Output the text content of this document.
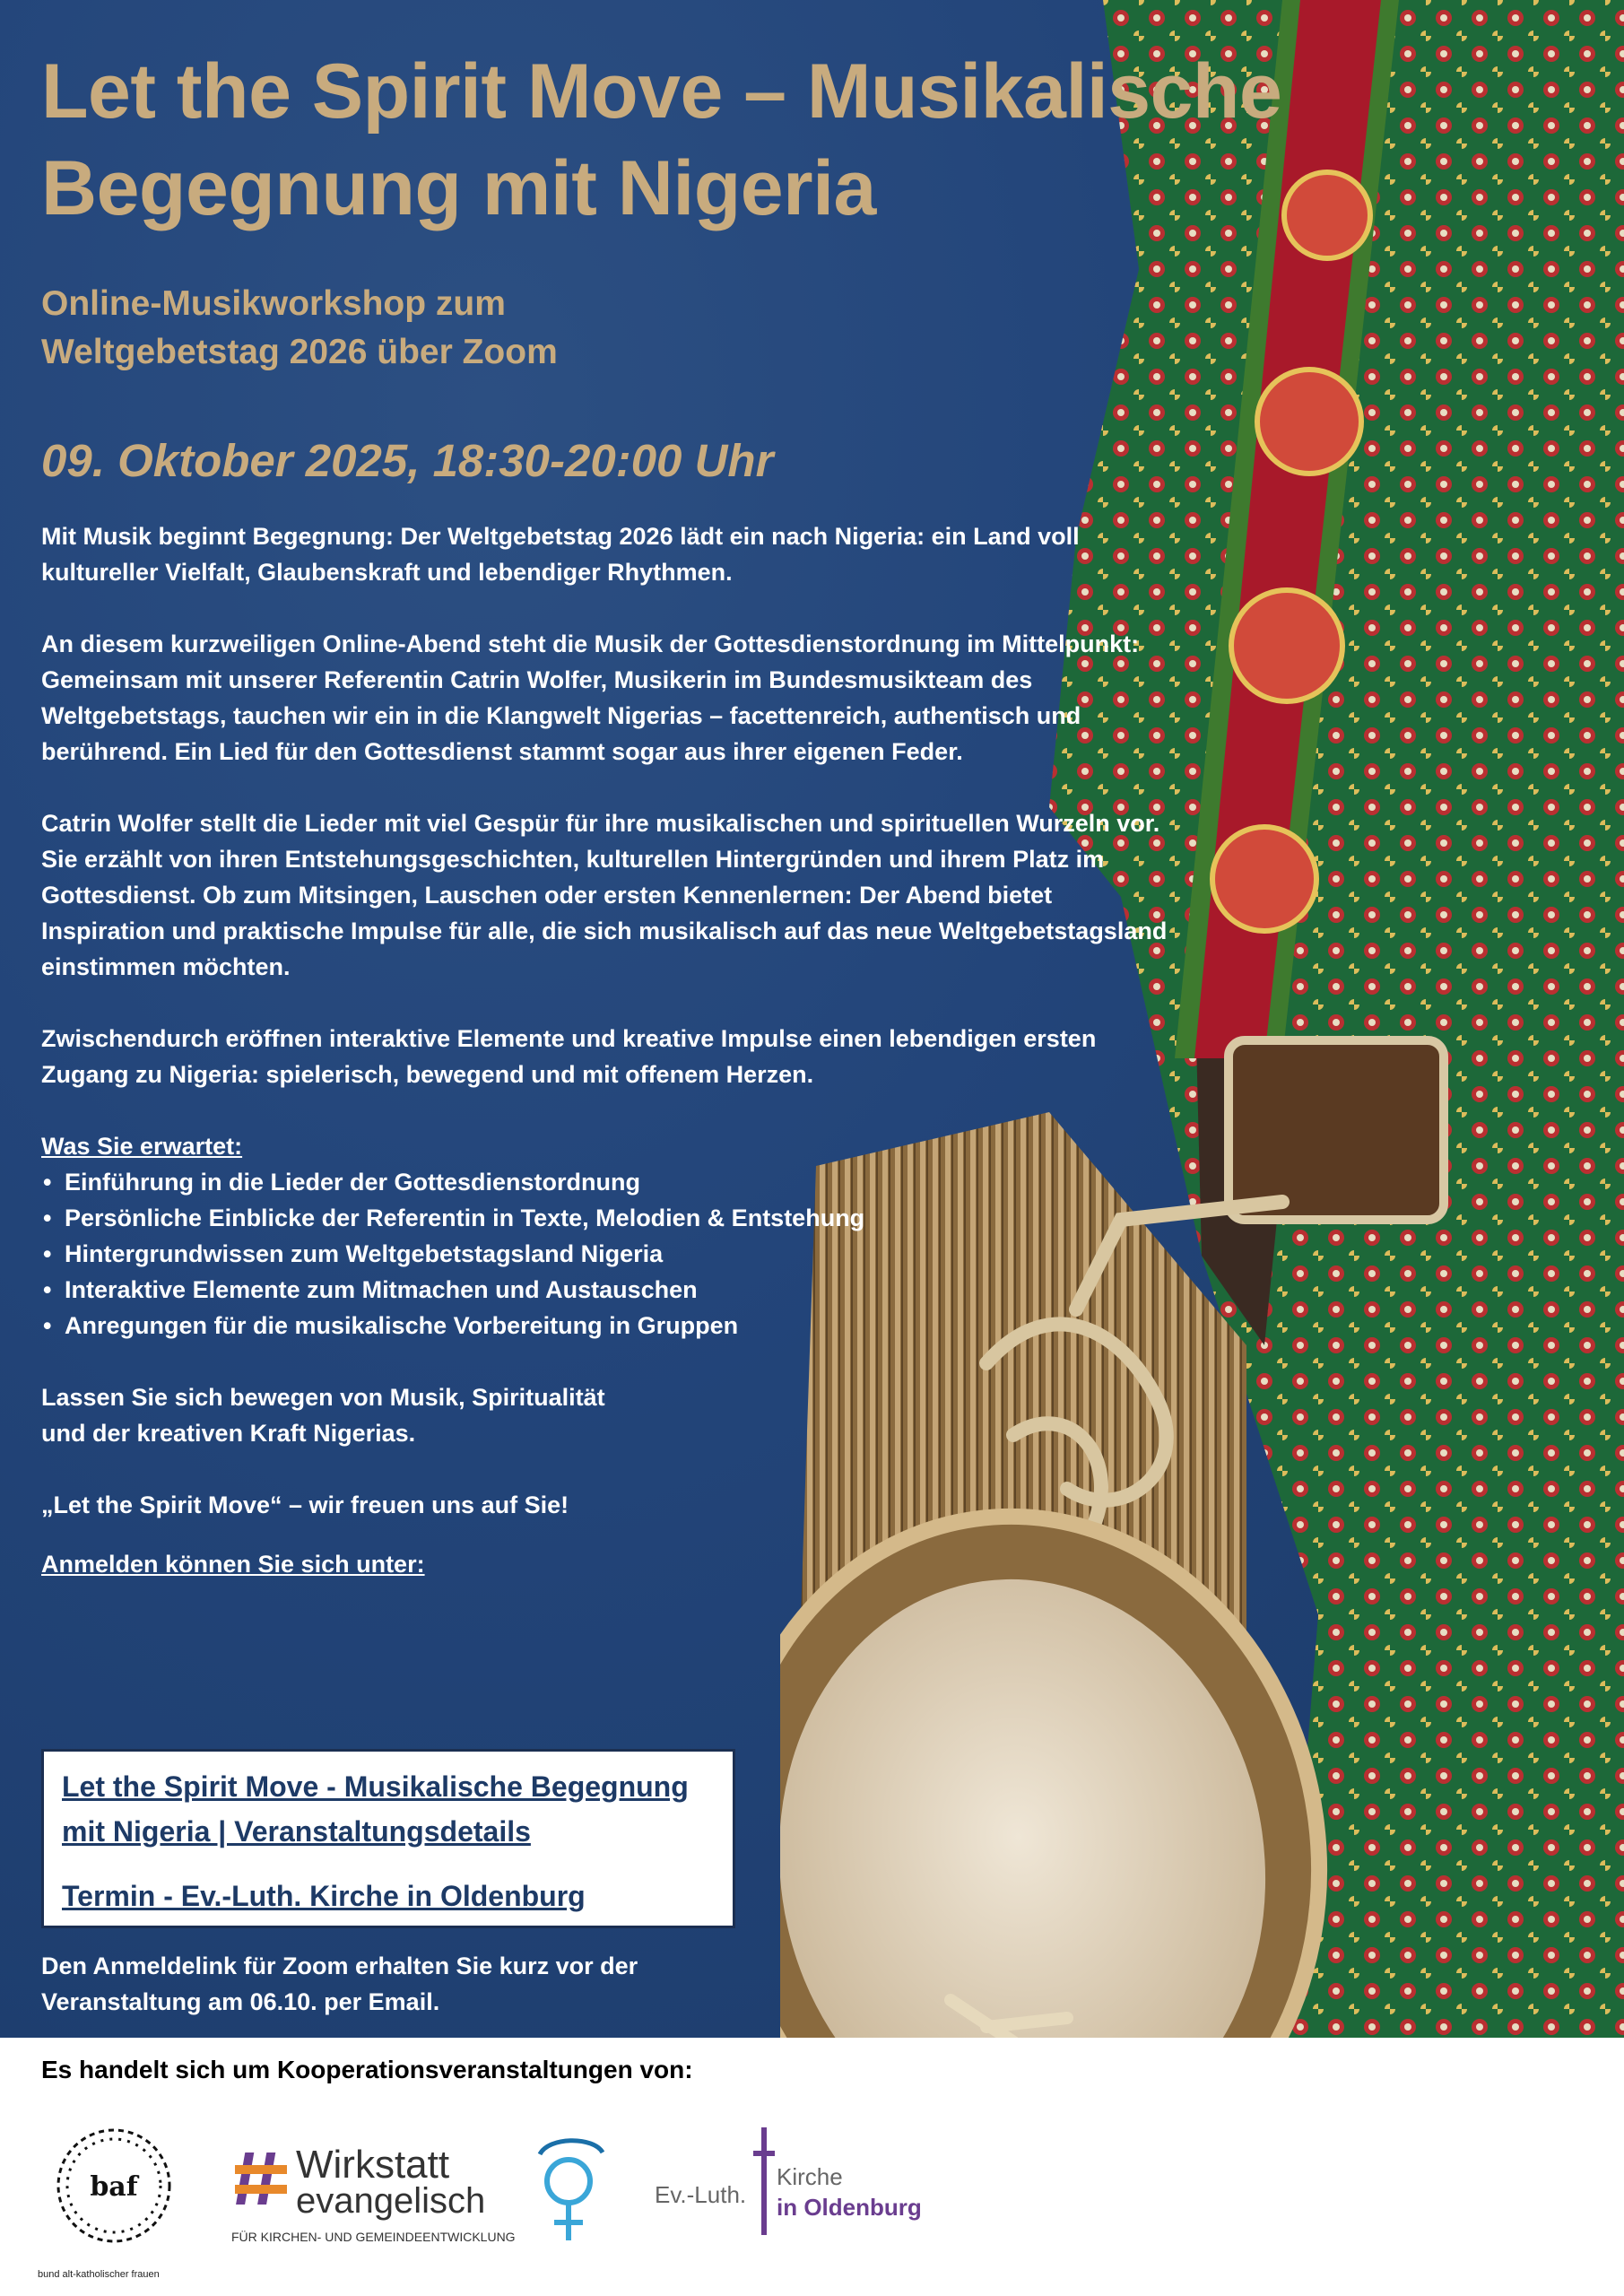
Let the Spirit Move – Musikalische Begegnung mit Nigeria
Online-Musikworkshop zum
Weltgebetstag 2026 über Zoom
09. Oktober 2025, 18:30-20:00 Uhr

Mit Musik beginnt Begegnung: Der Weltgebetstag 2026 lädt ein nach Nigeria: ein Land voll kultureller Vielfalt, Glaubenskraft und lebendiger Rhythmen.

An diesem kurzweiligen Online-Abend steht die Musik der Gottesdienstordnung im Mittelpunkt: Gemeinsam mit unserer Referentin Catrin Wolfer, Musikerin im Bundesmusikteam des Weltgebetstags, tauchen wir ein in die Klangwelt Nigerias – facettenreich, authentisch und berührend. Ein Lied für den Gottesdienst stammt sogar aus ihrer eigenen Feder.

Catrin Wolfer stellt die Lieder mit viel Gespür für ihre musikalischen und spirituellen Wurzeln vor. Sie erzählt von ihren Entstehungsgeschichten, kulturellen Hintergründen und ihrem Platz im Gottesdienst. Ob zum Mitsingen, Lauschen oder ersten Kennenlernen: Der Abend bietet Inspiration und praktische Impulse für alle, die sich musikalisch auf das neue Weltgebetstagsland einstimmen möchten.

Zwischendurch eröffnen interaktive Elemente und kreative Impulse einen lebendigen ersten Zugang zu Nigeria: spielerisch, bewegend und mit offenem Herzen.

Was Sie erwartet:

• Einführung in die Lieder der Gottesdienstordnung
• Persönliche Einblicke der Referentin in Texte, Melodien & Entstehung
• Hintergrundwissen zum Weltgebetstagsland Nigeria
• Interaktive Elemente zum Mitmachen und Austauschen
• Anregungen für die musikalische Vorbereitung in Gruppen

Lassen Sie sich bewegen von Musik, Spiritualität
und der kreativen Kraft Nigerias.

„Let the Spirit Move“ – wir freuen uns auf Sie!

Anmelden können Sie sich unter:

Let the Spirit Move - Musikalische Begegnung mit Nigeria | Veranstaltungsdetails
Termin - Ev.-Luth. Kirche in Oldenburg
Den Anmeldelink für Zoom erhalten Sie kurz vor der Veranstaltung am 06.10. per Email.
Es handelt sich um Kooperationsveranstaltungen von:
baf
bund alt-katholischer frauen
Wirkstatt
evangelisch
FÜR KIRCHEN- UND GEMEINDEENTWICKLUNG
Ev.-Luth.
Kirche
in Oldenburg
